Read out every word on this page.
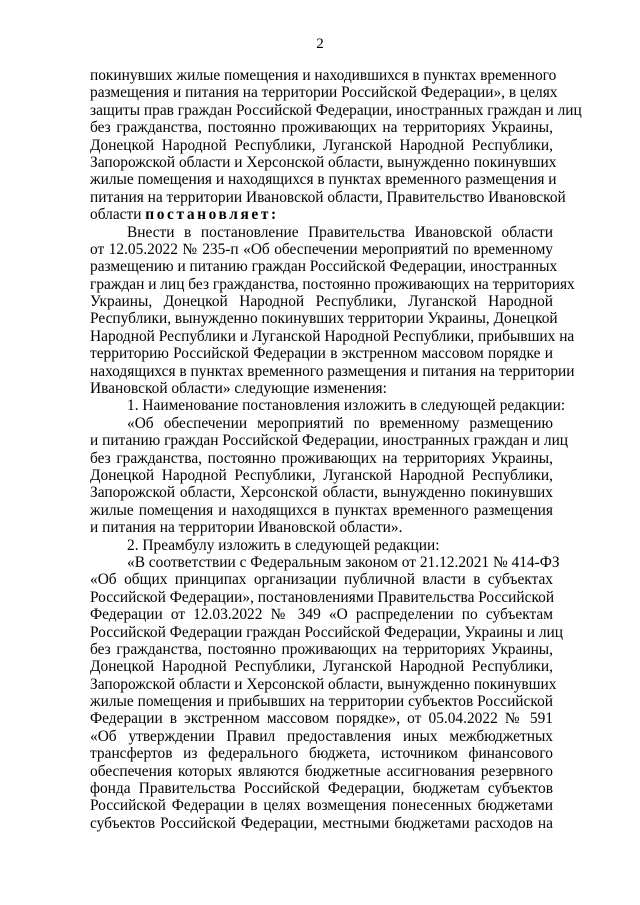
2
покинувших жилые помещения и находившихся в пунктах временного
размещения и питания на территории Российской Федерации», в целях
защиты прав граждан Российской Федерации, иностранных граждан и лиц
без гражданства, постоянно проживающих на территориях Украины,
Донецкой Народной Республики, Луганской Народной Республики,
Запорожской области и Херсонской области, вынужденно покинувших
жилые помещения и находящихся в пунктах временного размещения и
питания на территории Ивановской области, Правительство Ивановской
области постановляет:
Внести в постановление Правительства Ивановской области
от 12.05.2022 № 235-п «Об обеспечении мероприятий по временному
размещению и питанию граждан Российской Федерации, иностранных
граждан и лиц без гражданства, постоянно проживающих на территориях
Украины, Донецкой Народной Республики, Луганской Народной
Республики, вынужденно покинувших территории Украины, Донецкой
Народной Республики и Луганской Народной Республики, прибывших на
территорию Российской Федерации в экстренном массовом порядке и
находящихся в пунктах временного размещения и питания на территории
Ивановской области» следующие изменения:
1. Наименование постановления изложить в следующей редакции:
«Об обеспечении мероприятий по временному размещению
и питанию граждан Российской Федерации, иностранных граждан и лиц
без гражданства, постоянно проживающих на территориях Украины,
Донецкой Народной Республики, Луганской Народной Республики,
Запорожской области, Херсонской области, вынужденно покинувших
жилые помещения и находящихся в пунктах временного размещения
и питания на территории Ивановской области».
2. Преамбулу изложить в следующей редакции:
«В соответствии с Федеральным законом от 21.12.2021 № 414-ФЗ
«Об общих принципах организации публичной власти в субъектах
Российской Федерации», постановлениями Правительства Российской
Федерации от 12.03.2022 № 349 «О распределении по субъектам
Российской Федерации граждан Российской Федерации, Украины и лиц
без гражданства, постоянно проживающих на территориях Украины,
Донецкой Народной Республики, Луганской Народной Республики,
Запорожской области и Херсонской области, вынужденно покинувших
жилые помещения и прибывших на территории субъектов Российской
Федерации в экстренном массовом порядке», от 05.04.2022 № 591
«Об утверждении Правил предоставления иных межбюджетных
трансфертов из федерального бюджета, источником финансового
обеспечения которых являются бюджетные ассигнования резервного
фонда Правительства Российской Федерации, бюджетам субъектов
Российской Федерации в целях возмещения понесенных бюджетами
субъектов Российской Федерации, местными бюджетами расходов на
